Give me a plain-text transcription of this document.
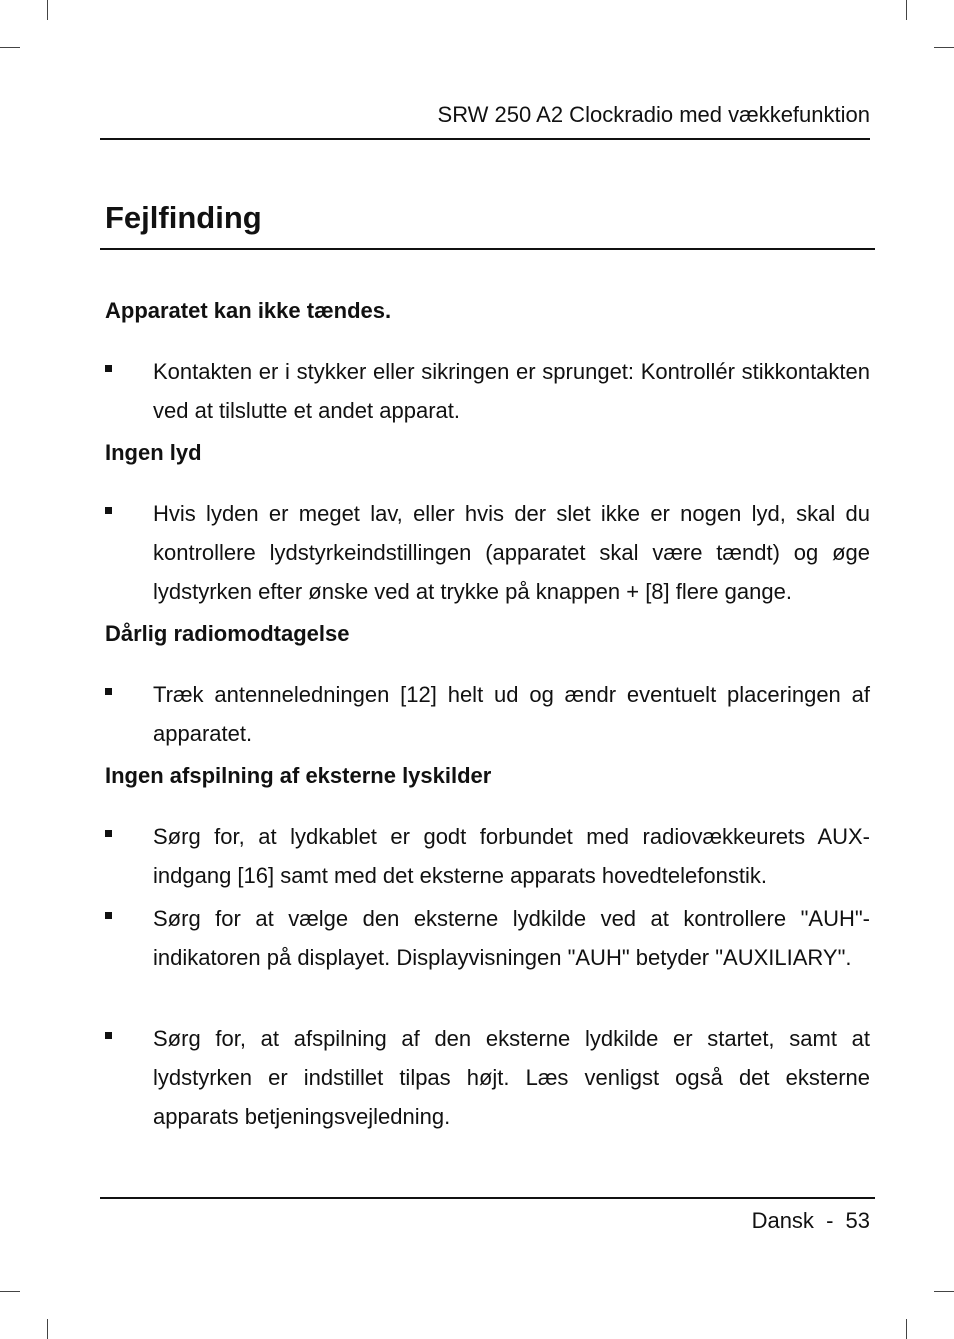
SRW 250 A2 Clockradio med vækkefunktion
Fejlfinding
Apparatet kan ikke tændes.

Kontakten er i stykker eller sikringen er sprunget: Kontrollér stikkontakten ved at tilslutte et andet apparat.

Ingen lyd

Hvis lyden er meget lav, eller hvis der slet ikke er nogen lyd, skal du kontrollere lydstyrkeindstillingen (apparatet skal være tændt) og øge lydstyrken efter ønske ved at trykke på knappen + [8] flere gange.

Dårlig radiomodtagelse

Træk antenneledningen [12] helt ud og ændr eventuelt placeringen af apparatet.

Ingen afspilning af eksterne lyskilder

Sørg for, at lydkablet er godt forbundet med radiovækkeurets AUX-indgang [16] samt med det eksterne apparats hovedtelefonstik.

Sørg for at vælge den eksterne lydkilde ved at kontrollere "AUH"-indikatoren på displayet. Displayvisningen "AUH" betyder "AUXILIARY".

Sørg for, at afspilning af den eksterne lydkilde er startet, samt at lydstyrken er indstillet tilpas højt. Læs venligst også det eksterne apparats betjeningsvejledning.

Dansk - 53
